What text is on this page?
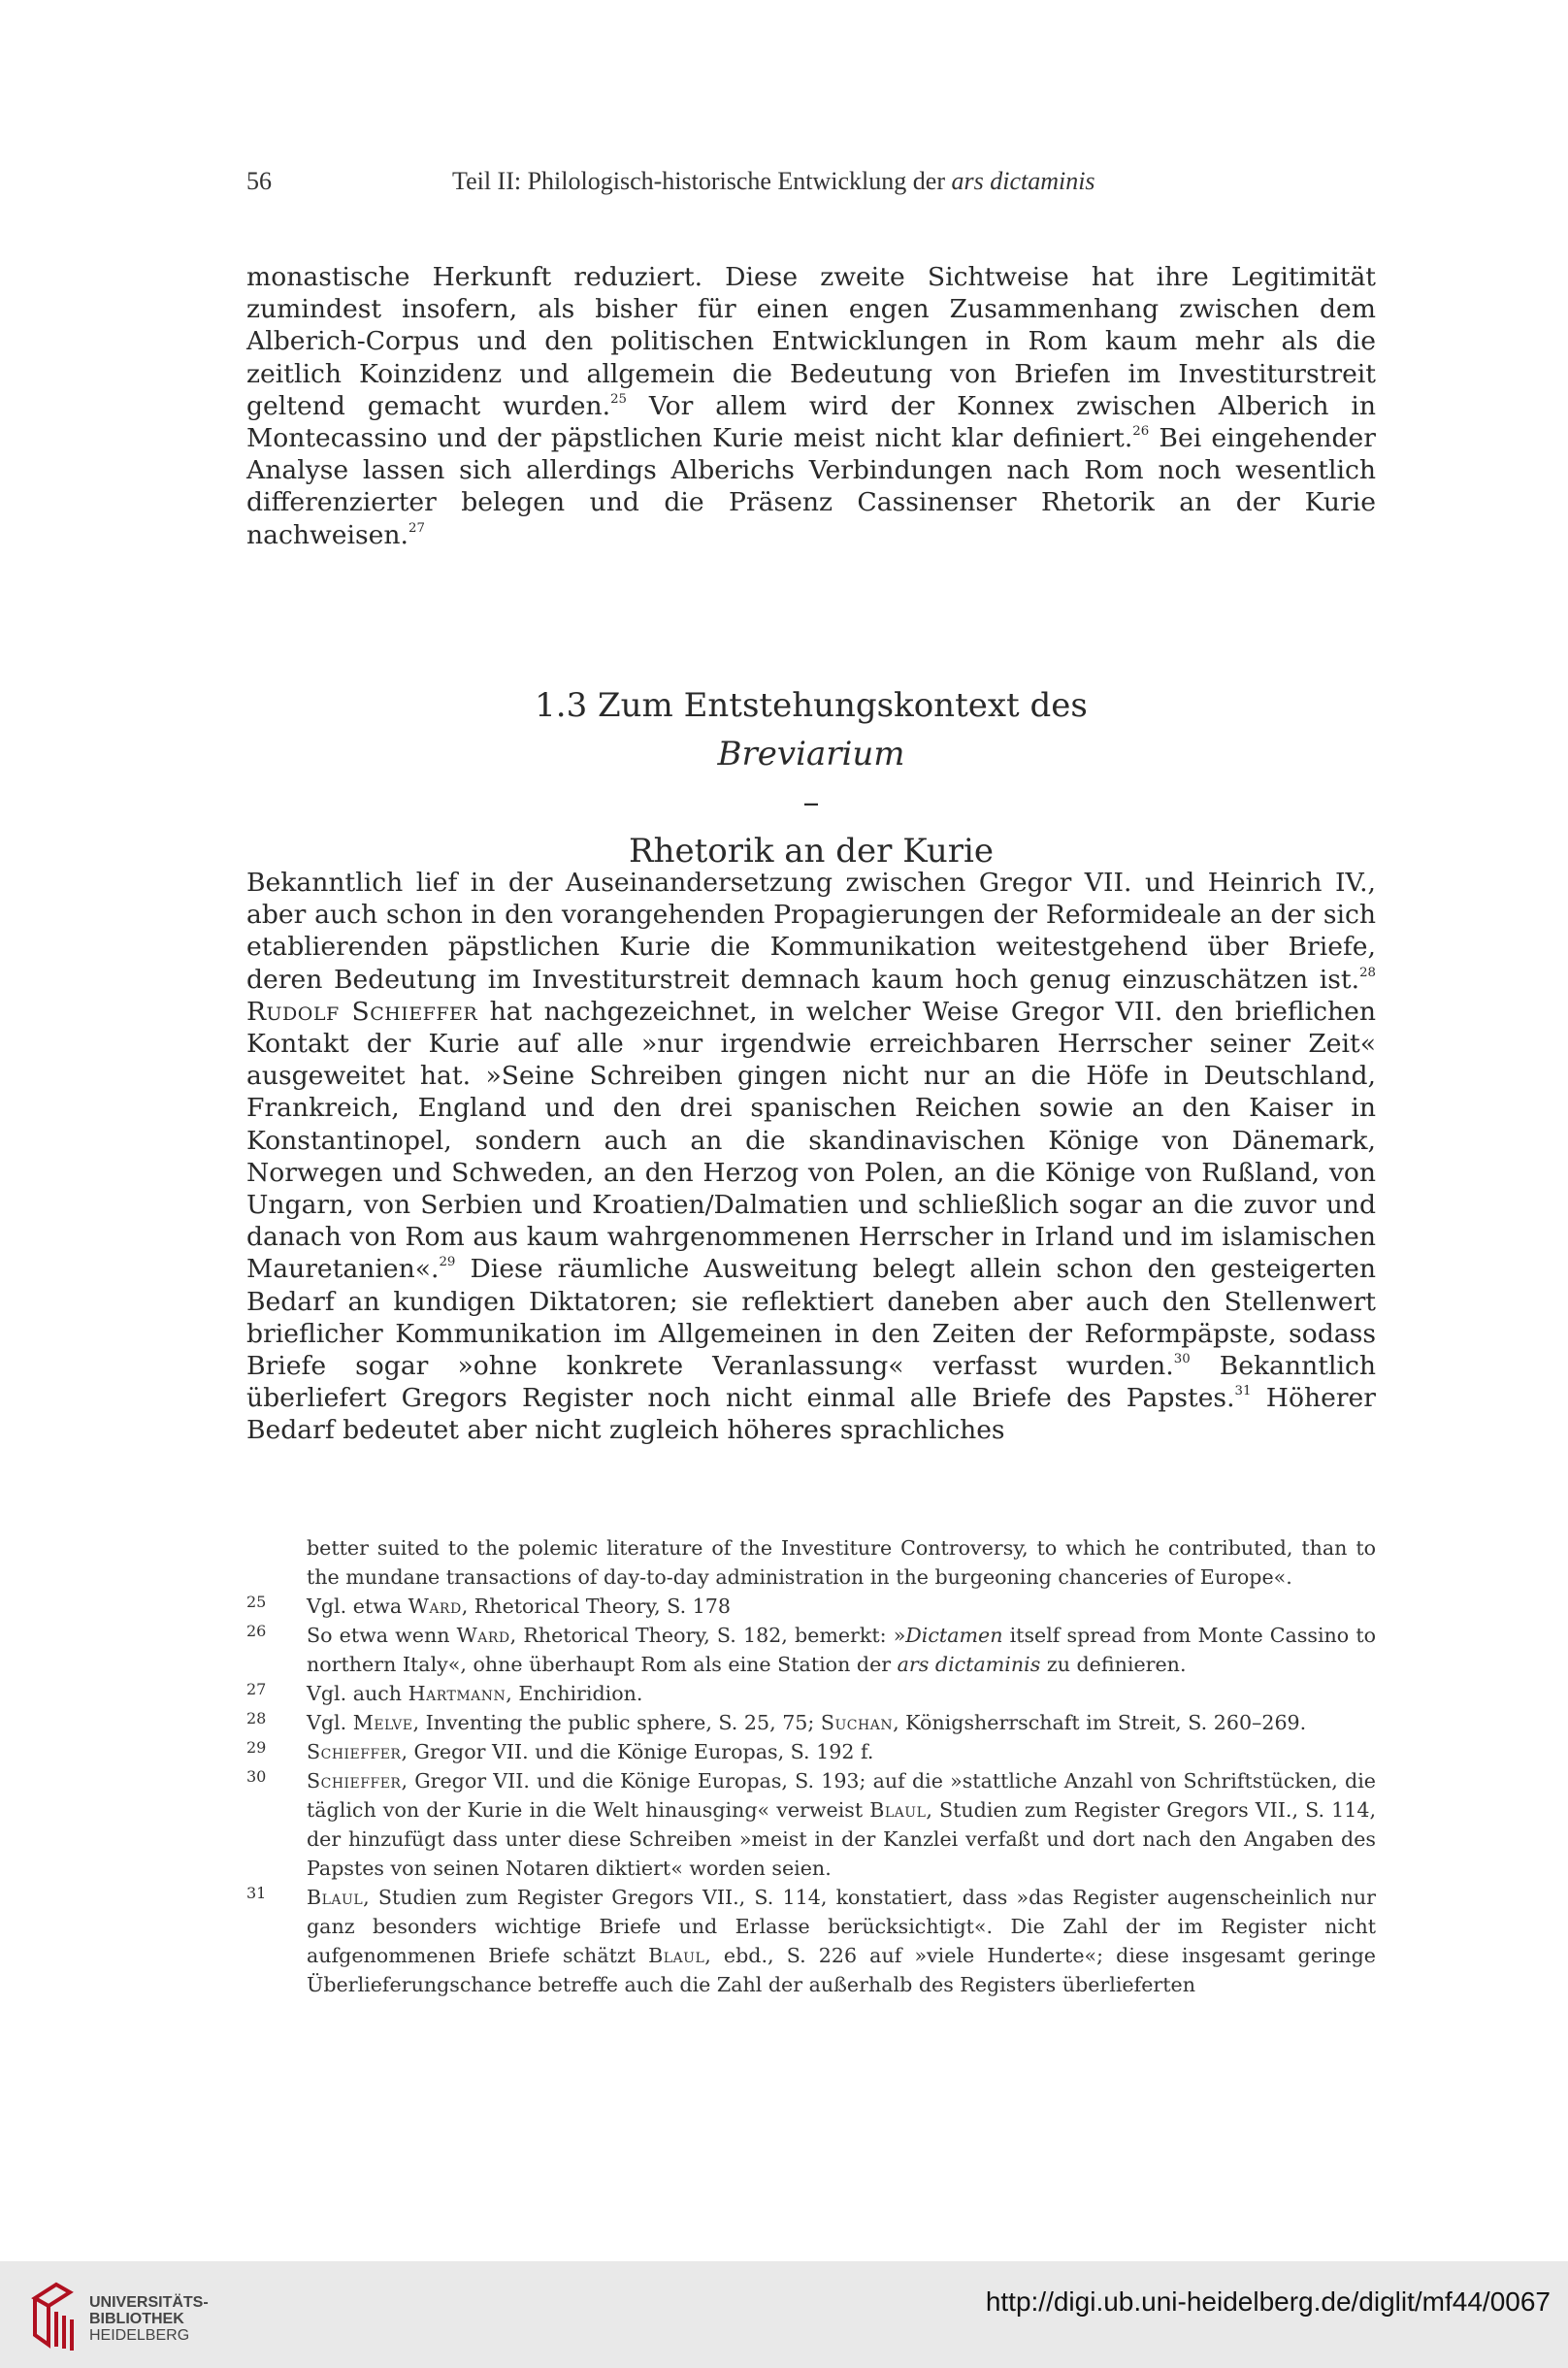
56	Teil II: Philologisch-historische Entwicklung der ars dictaminis
monastische Herkunft reduziert. Diese zweite Sichtweise hat ihre Legitimität zumindest insofern, als bisher für einen engen Zusammenhang zwischen dem Alberich-Corpus und den politischen Entwicklungen in Rom kaum mehr als die zeitlich Koinzidenz und allgemein die Bedeutung von Briefen im Investiturstreit geltend gemacht wurden.$^{25}$ Vor allem wird der Konnex zwischen Alberich in Montecassino und der päpstlichen Kurie meist nicht klar definiert.$^{26}$ Bei eingehender Analyse lassen sich allerdings Alberichs Verbindungen nach Rom noch wesentlich differenzierter belegen und die Präsenz Cassinenser Rhetorik an der Kurie nachweisen.$^{27}$
1.3 Zum Entstehungskontext des
Breviarium
–
Rhetorik an der Kurie
Bekanntlich lief in der Auseinandersetzung zwischen Gregor VII. und Heinrich IV., aber auch schon in den vorangehenden Propagierungen der Reformideale an der sich etablierenden päpstlichen Kurie die Kommunikation weitestgehend über Briefe, deren Bedeutung im Investiturstreit demnach kaum hoch genug einzuschätzen ist.$^{28}$ Rudolf Schieffer hat nachgezeichnet, in welcher Weise Gregor VII. den brieflichen Kontakt der Kurie auf alle »nur irgendwie erreichbaren Herrscher seiner Zeit« ausgeweitet hat. »Seine Schreiben gingen nicht nur an die Höfe in Deutschland, Frankreich, England und den drei spanischen Reichen sowie an den Kaiser in Konstantinopel, sondern auch an die skandinavischen Könige von Dänemark, Norwegen und Schweden, an den Herzog von Polen, an die Könige von Rußland, von Ungarn, von Serbien und Kroatien/Dalmatien und schließlich sogar an die zuvor und danach von Rom aus kaum wahrgenommenen Herrscher in Irland und im islamischen Mauretanien«.$^{29}$ Diese räumliche Ausweitung belegt allein schon den gesteigerten Bedarf an kundigen Diktatoren; sie reflektiert daneben aber auch den Stellenwert brieflicher Kommunikation im Allgemeinen in den Zeiten der Reformpäpste, sodass Briefe sogar »ohne konkrete Veranlassung« verfasst wurden.$^{30}$ Bekanntlich überliefert Gregors Register noch nicht einmal alle Briefe des Papstes.$^{31}$ Höherer Bedarf bedeutet aber nicht zugleich höheres sprachliches
better suited to the polemic literature of the Investiture Controversy, to which he contributed, than to the mundane transactions of day-to-day administration in the burgeoning chanceries of Europe«.
25 Vgl. etwa Ward, Rhetorical Theory, S. 178
26 So etwa wenn Ward, Rhetorical Theory, S. 182, bemerkt: »Dictamen itself spread from Monte Cassino to northern Italy«, ohne überhaupt Rom als eine Station der ars dictaminis zu definieren.
27 Vgl. auch Hartmann, Enchiridion.
28 Vgl. Melve, Inventing the public sphere, S. 25, 75; Suchan, Königsherrschaft im Streit, S. 260–269.
29 Schieffer, Gregor VII. und die Könige Europas, S. 192 f.
30 Schieffer, Gregor VII. und die Könige Europas, S. 193; auf die »stattliche Anzahl von Schriftstücken, die täglich von der Kurie in die Welt hinausging« verweist Blaul, Studien zum Register Gregors VII., S. 114, der hinzufügt dass unter diese Schreiben »meist in der Kanzlei verfaßt und dort nach den Angaben des Papstes von seinen Notaren diktiert« worden seien.
31 Blaul, Studien zum Register Gregors VII., S. 114, konstatiert, dass »das Register augenscheinlich nur ganz besonders wichtige Briefe und Erlasse berücksichtigt«. Die Zahl der im Register nicht aufgenommenen Briefe schätzt Blaul, ebd., S. 226 auf »viele Hunderte«; diese insgesamt geringe Überlieferungschance betreffe auch die Zahl der außerhalb des Registers überlieferten
UNIVERSITÄTS-
BIBLIOTHEK
HEIDELBERG
http://digi.ub.uni-heidelberg.de/diglit/mf44/0067
